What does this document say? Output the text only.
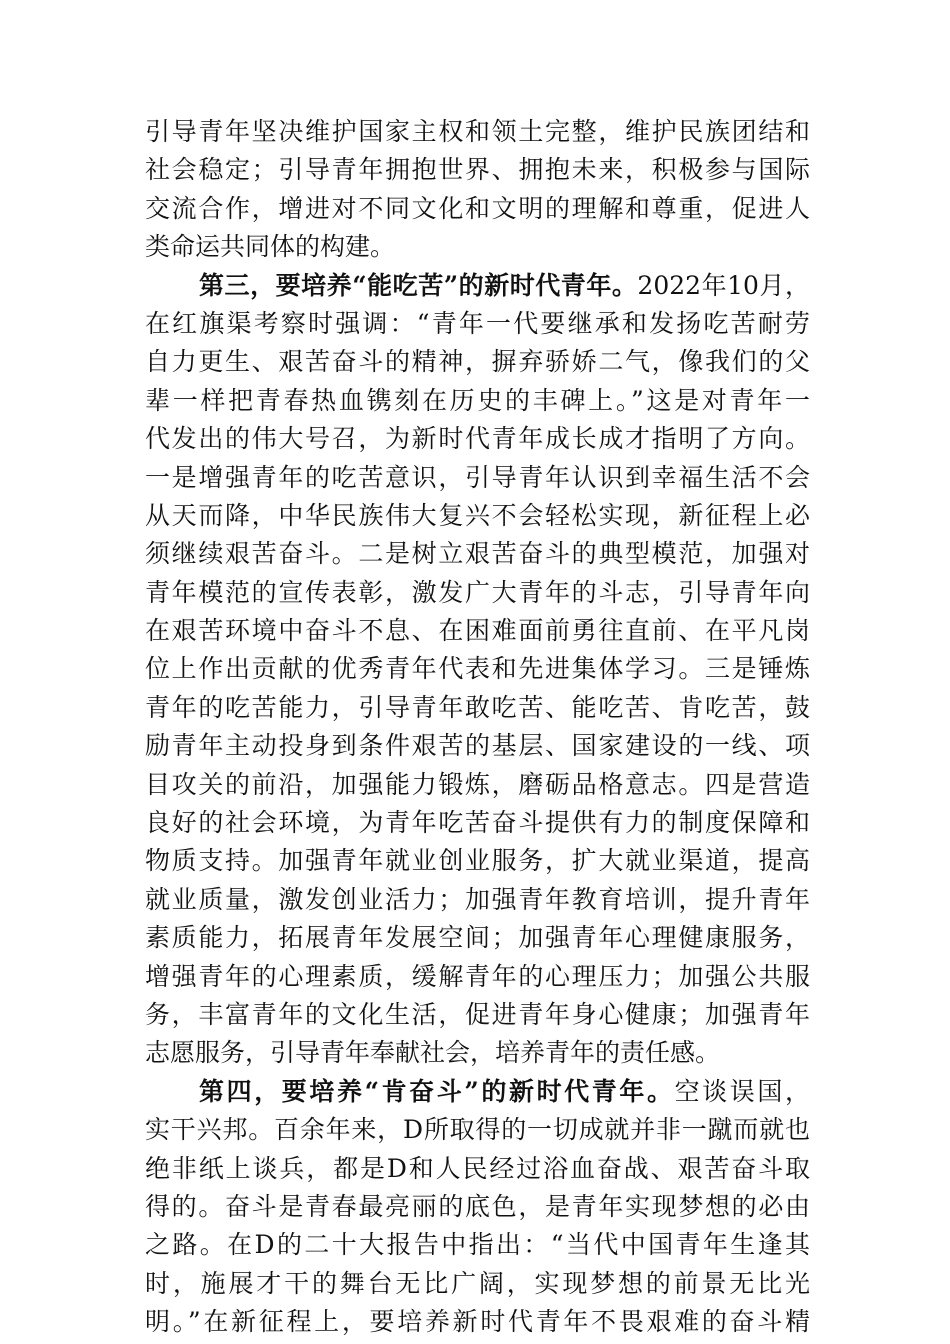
引导青年坚决维护国家主权和领土完整，维护民族团结和
社会稳定；引导青年拥抱世界、拥抱未来，积极参与国际
交流合作，增进对不同文化和文明的理解和尊重，促进人
类命运共同体的构建。
第三，要培养“能吃苦”的新时代青年。2022年10月，
在红旗渠考察时强调：“青年一代要继承和发扬吃苦耐劳
自力更生、艰苦奋斗的精神，摒弃骄娇二气，像我们的父
辈一样把青春热血镌刻在历史的丰碑上。”这是对青年一
代发出的伟大号召，为新时代青年成长成才指明了方向。
一是增强青年的吃苦意识，引导青年认识到幸福生活不会
从天而降，中华民族伟大复兴不会轻松实现，新征程上必
须继续艰苦奋斗。二是树立艰苦奋斗的典型模范，加强对
青年模范的宣传表彰，激发广大青年的斗志，引导青年向
在艰苦环境中奋斗不息、在困难面前勇往直前、在平凡岗
位上作出贡献的优秀青年代表和先进集体学习。三是锤炼
青年的吃苦能力，引导青年敢吃苦、能吃苦、肯吃苦，鼓
励青年主动投身到条件艰苦的基层、国家建设的一线、项
目攻关的前沿，加强能力锻炼，磨砺品格意志。四是营造
良好的社会环境，为青年吃苦奋斗提供有力的制度保障和
物质支持。加强青年就业创业服务，扩大就业渠道，提高
就业质量，激发创业活力；加强青年教育培训，提升青年
素质能力，拓展青年发展空间；加强青年心理健康服务，
增强青年的心理素质，缓解青年的心理压力；加强公共服
务，丰富青年的文化生活，促进青年身心健康；加强青年
志愿服务，引导青年奉献社会，培养青年的责任感。
第四，要培养“肯奋斗”的新时代青年。空谈误国，
实干兴邦。百余年来，D所取得的一切成就并非一蹴而就也
绝非纸上谈兵，都是D和人民经过浴血奋战、艰苦奋斗取
得的。奋斗是青春最亮丽的底色，是青年实现梦想的必由
之路。在D的二十大报告中指出：“当代中国青年生逢其
时，施展才干的舞台无比广阔，实现梦想的前景无比光
明。”在新征程上，要培养新时代青年不畏艰难的奋斗精
